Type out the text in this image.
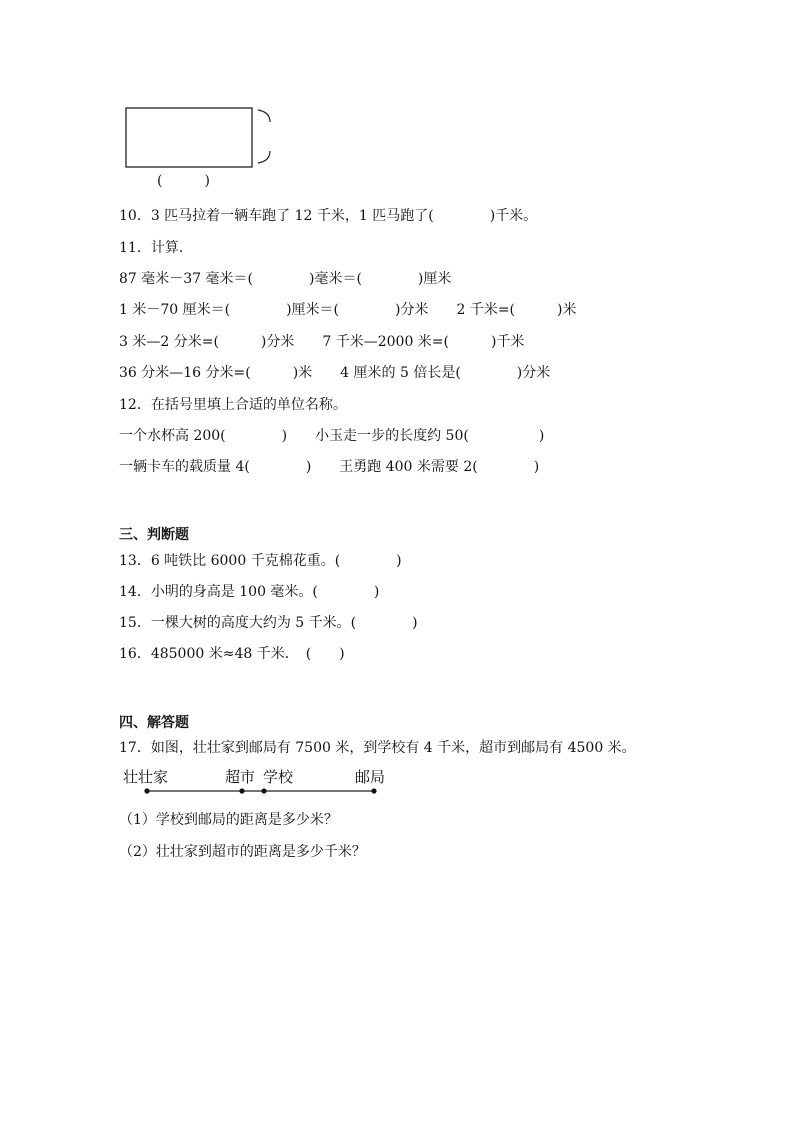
(　　　)
10．3 匹马拉着一辆车跑了 12 千米，1 匹马跑了(　　　　)千米。
11．计算．
87 毫米－37 毫米＝(　　　　)毫米＝(　　　　)厘米
1 米－70 厘米＝(　　　　)厘米＝(　　　　)分米　　2 千米=(　　　)米
3 米—2 分米=(　　　)分米　　7 千米—2000 米=(　　　)千米
36 分米—16 分米=(　　　)米　　4 厘米的 5 倍长是(　　　　)分米
12．在括号里填上合适的单位名称。
一个水杯高 200(　　　　)　　小玉走一步的长度约 50(　　　　　)
一辆卡车的载质量 4(　　　　)　　王勇跑 400 米需要 2(　　　　)
三、判断题
13．6 吨铁比 6000 千克棉花重。(　　　　)
14．小明的身高是 100 毫米。(　　　　)
15．一棵大树的高度大约为 5 千米。(　　　　)
16．485000 米≈48 千米．　(　　)
四、解答题
17．如图，壮壮家到邮局有 7500 米，到学校有 4 千米，超市到邮局有 4500 米。
壮壮家	超市 学校	邮局
（1）学校到邮局的距离是多少米？
（2）壮壮家到超市的距离是多少千米？
